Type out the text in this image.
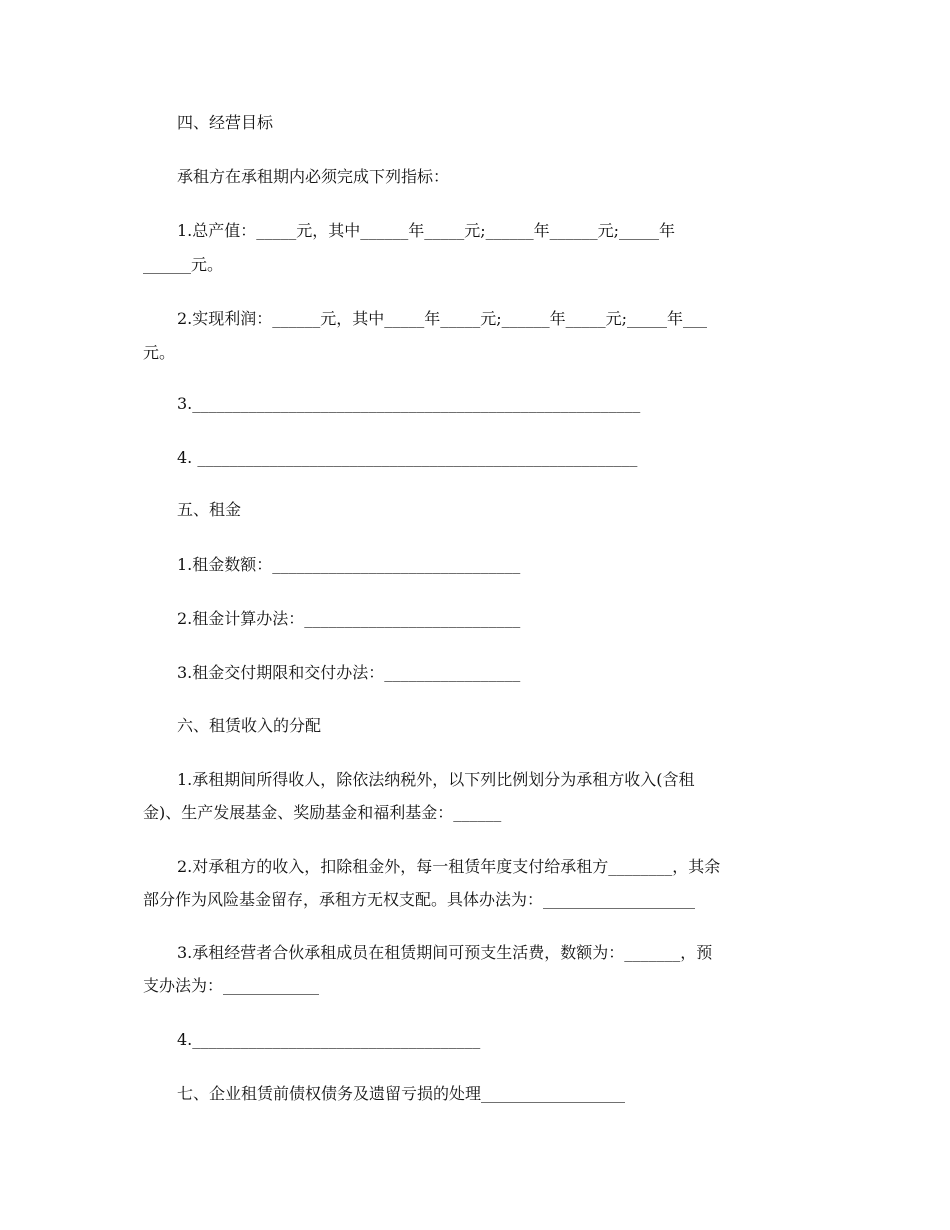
四、经营目标
承租方在承租期内必须完成下列指标：
1.总产值：_____元，其中______年_____元;______年______元;_____年
______元。
2.实现利润：______元，其中_____年_____元;______年_____元;_____年___
元。
3.________________________________________________________
4. _______________________________________________________
五、租金
1.租金数额：_______________________________
2.租金计算办法：___________________________
3.租金交付期限和交付办法：_________________
六、租赁收入的分配
1.承租期间所得收人，除依法纳税外，以下列比例划分为承租方收入(含租
金)、生产发展基金、奖励基金和福利基金：______
2.对承租方的收入，扣除租金外，每一租赁年度支付给承租方________，其余
部分作为风险基金留存，承租方无权支配。具体办法为：___________________
3.承租经营者合伙承租成员在租赁期间可预支生活费，数额为：_______，预
支办法为：____________
4.____________________________________
七、企业租赁前债权债务及遗留亏损的处理__________________
